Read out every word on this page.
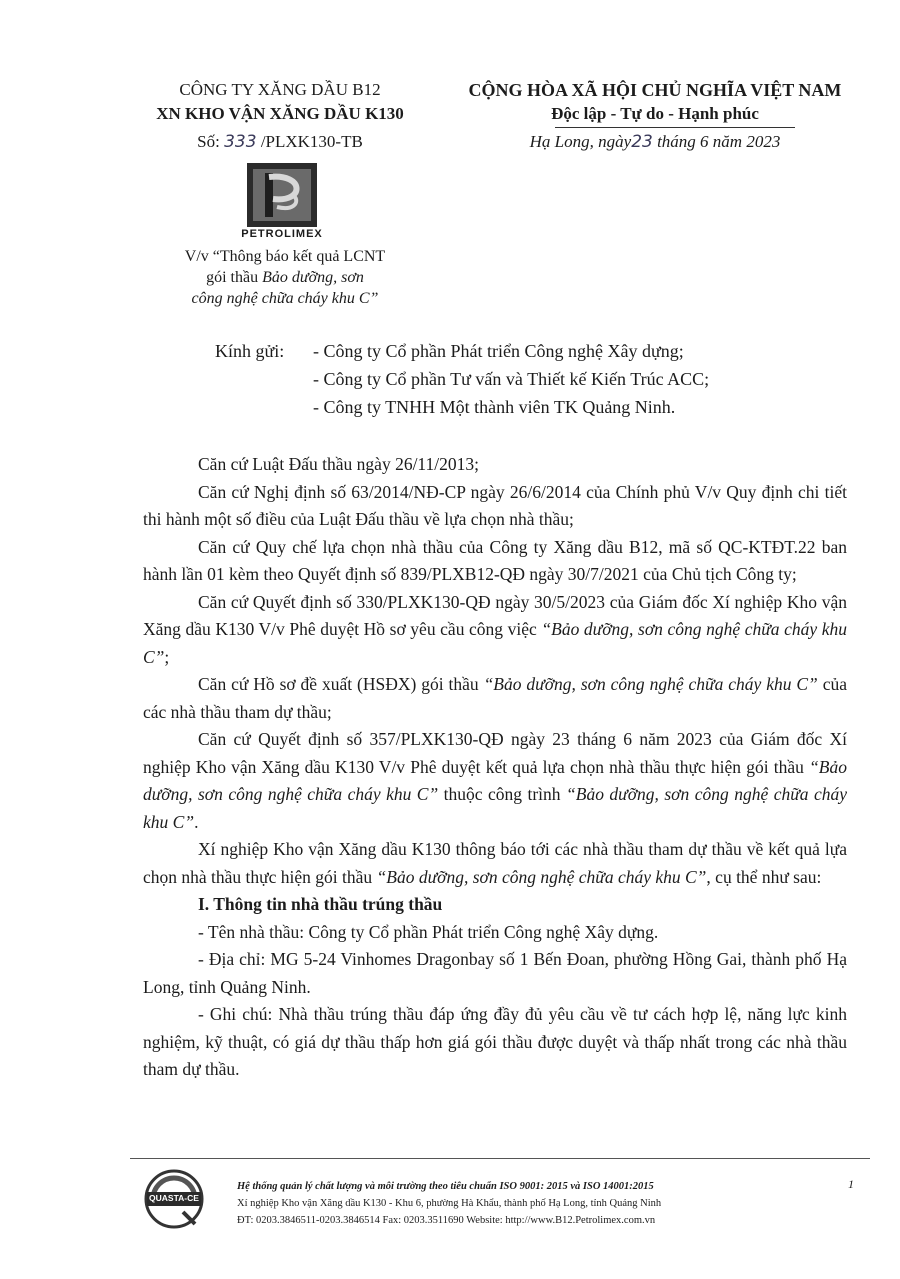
CÔNG TY XĂNG DẦU B12
XN KHO VẬN XĂNG DẦU K130
Số: 333 /PLXK130-TB
CỘNG HÒA XÃ HỘI CHỦ NGHĨA VIỆT NAM
Độc lập - Tự do - Hạnh phúc
Hạ Long, ngày23 tháng 6 năm 2023
PETROLIMEX
V/v “Thông báo kết quả LCNT
gói thầu Bảo dưỡng, sơn
công nghệ chữa cháy khu C”
Kính gửi: - Công ty Cổ phần Phát triển Công nghệ Xây dựng;
- Công ty Cổ phần Tư vấn và Thiết kế Kiến Trúc ACC;
- Công ty TNHH Một thành viên TK Quảng Ninh.

Căn cứ Luật Đấu thầu ngày 26/11/2013;

Căn cứ Nghị định số 63/2014/NĐ-CP ngày 26/6/2014 của Chính phủ V/v Quy định chi tiết thi hành một số điều của Luật Đấu thầu về lựa chọn nhà thầu;

Căn cứ Quy chế lựa chọn nhà thầu của Công ty Xăng dầu B12, mã số QC-KTĐT.22 ban hành lần 01 kèm theo Quyết định số 839/PLXB12-QĐ ngày 30/7/2021 của Chủ tịch Công ty;

Căn cứ Quyết định số 330/PLXK130-QĐ ngày 30/5/2023 của Giám đốc Xí nghiệp Kho vận Xăng dầu K130 V/v Phê duyệt Hồ sơ yêu cầu công việc “Bảo dưỡng, sơn công nghệ chữa cháy khu C”;

Căn cứ Hồ sơ đề xuất (HSĐX) gói thầu “Bảo dưỡng, sơn công nghệ chữa cháy khu C” của các nhà thầu tham dự thầu;

Căn cứ Quyết định số 357/PLXK130-QĐ ngày 23 tháng 6 năm 2023 của Giám đốc Xí nghiệp Kho vận Xăng dầu K130 V/v Phê duyệt kết quả lựa chọn nhà thầu thực hiện gói thầu “Bảo dưỡng, sơn công nghệ chữa cháy khu C” thuộc công trình “Bảo dưỡng, sơn công nghệ chữa cháy khu C”.

Xí nghiệp Kho vận Xăng dầu K130 thông báo tới các nhà thầu tham dự thầu về kết quả lựa chọn nhà thầu thực hiện gói thầu “Bảo dưỡng, sơn công nghệ chữa cháy khu C”, cụ thể như sau:

I. Thông tin nhà thầu trúng thầu

- Tên nhà thầu: Công ty Cổ phần Phát triển Công nghệ Xây dựng.

- Địa chỉ: MG 5-24 Vinhomes Dragonbay số 1 Bến Đoan, phường Hồng Gai, thành phố Hạ Long, tỉnh Quảng Ninh.

- Ghi chú: Nhà thầu trúng thầu đáp ứng đầy đủ yêu cầu về tư cách hợp lệ, năng lực kinh nghiệm, kỹ thuật, có giá dự thầu thấp hơn giá gói thầu được duyệt và thấp nhất trong các nhà thầu tham dự thầu.

QUASTA-CE
Hệ thống quản lý chất lượng và môi trường theo tiêu chuẩn ISO 9001: 2015 và ISO 14001:2015
Xí nghiệp Kho vận Xăng dầu K130 - Khu 6, phường Hà Khẩu, thành phố Hạ Long, tỉnh Quảng Ninh
ĐT: 0203.3846511-0203.3846514 Fax: 0203.3511690 Website: http://www.B12.Petrolimex.com.vn
1
